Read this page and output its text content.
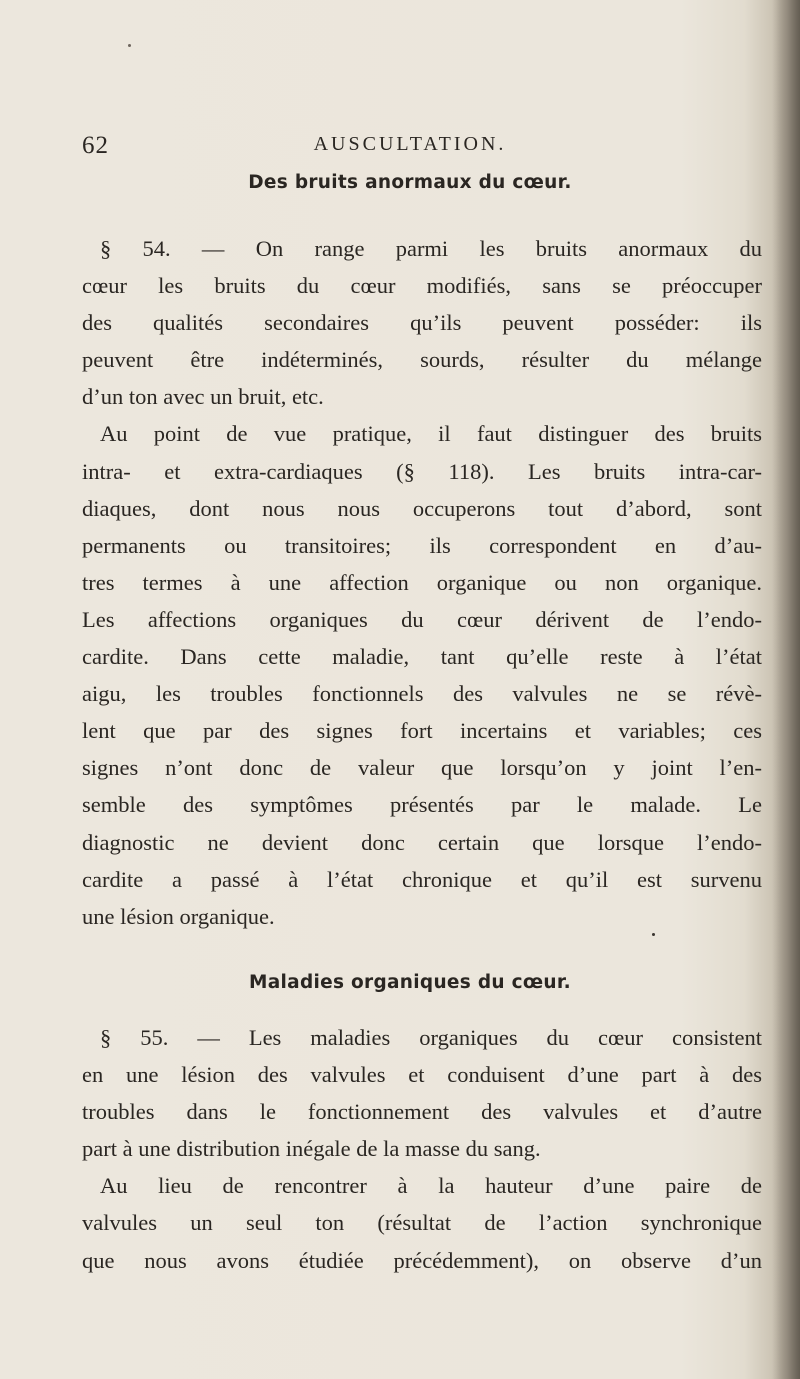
62	AUSCULTATION.
Des bruits anormaux du cœur.
§ 54. — On range parmi les bruits anormaux du
cœur les bruits du cœur modifiés, sans se préoccuper
des qualités secondaires qu’ils peuvent posséder: ils
peuvent être indéterminés, sourds, résulter du mélange
d’un ton avec un bruit, etc.
Au point de vue pratique, il faut distinguer des bruits
intra- et extra-cardiaques (§ 118). Les bruits intra-car-
diaques, dont nous nous occuperons tout d’abord, sont
permanents ou transitoires; ils correspondent en d’au-
tres termes à une affection organique ou non organique.
Les affections organiques du cœur dérivent de l’endo-
cardite. Dans cette maladie, tant qu’elle reste à l’état
aigu, les troubles fonctionnels des valvules ne se révè-
lent que par des signes fort incertains et variables; ces
signes n’ont donc de valeur que lorsqu’on y joint l’en-
semble des symptômes présentés par le malade. Le
diagnostic ne devient donc certain que lorsque l’endo-
cardite a passé à l’état chronique et qu’il est survenu
une lésion organique.
Maladies organiques du cœur.
§ 55. — Les maladies organiques du cœur consistent
en une lésion des valvules et conduisent d’une part à des
troubles dans le fonctionnement des valvules et d’autre
part à une distribution inégale de la masse du sang.
Au lieu de rencontrer à la hauteur d’une paire de
valvules un seul ton (résultat de l’action synchronique
que nous avons étudiée précédemment), on observe d’un
